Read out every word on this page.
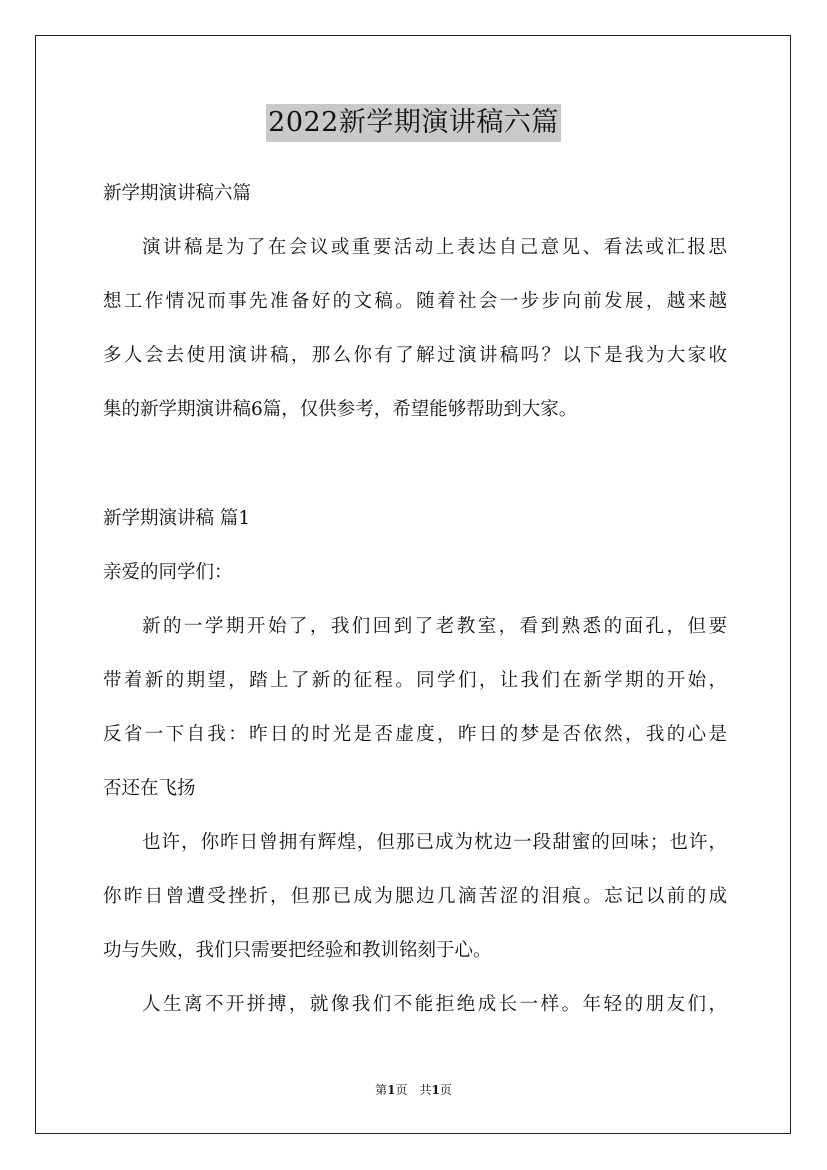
2022新学期演讲稿六篇
新学期演讲稿六篇
演讲稿是为了在会议或重要活动上表达自己意见、看法或汇报思
想工作情况而事先准备好的文稿。随着社会一步步向前发展，越来越
多人会去使用演讲稿，那么你有了解过演讲稿吗？以下是我为大家收
集的新学期演讲稿6篇，仅供参考，希望能够帮助到大家。
新学期演讲稿 篇1
亲爱的同学们：
新的一学期开始了，我们回到了老教室，看到熟悉的面孔，但要
带着新的期望，踏上了新的征程。同学们，让我们在新学期的开始，
反省一下自我：昨日的时光是否虚度，昨日的梦是否依然，我的心是
否还在飞扬
也许，你昨日曾拥有辉煌，但那已成为枕边一段甜蜜的回味；也许，
你昨日曾遭受挫折，但那已成为腮边几滴苦涩的泪痕。忘记以前的成
功与失败，我们只需要把经验和教训铭刻于心。
人生离不开拼搏，就像我们不能拒绝成长一样。年轻的朋友们，
第1页　共1页
